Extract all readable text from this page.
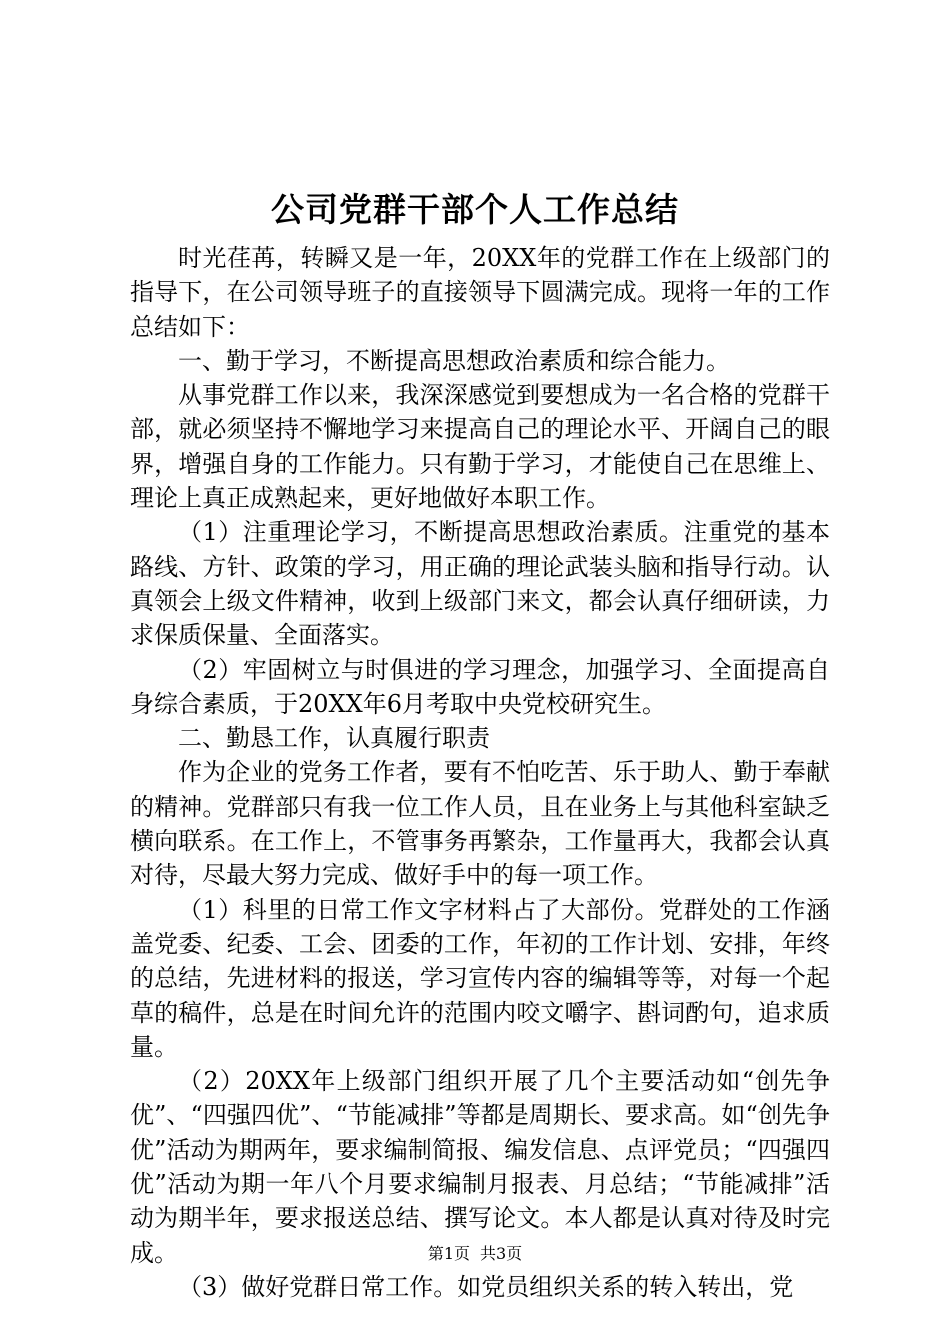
公司党群干部个人工作总结

时光荏苒，转瞬又是一年，20XX年的党群工作在上级部门的指导下，在公司领导班子的直接领导下圆满完成。现将一年的工作总结如下：

一、勤于学习，不断提高思想政治素质和综合能力。

从事党群工作以来，我深深感觉到要想成为一名合格的党群干部，就必须坚持不懈地学习来提高自己的理论水平、开阔自己的眼界，增强自身的工作能力。只有勤于学习，才能使自己在思维上、理论上真正成熟起来，更好地做好本职工作。

（1）注重理论学习，不断提高思想政治素质。注重党的基本路线、方针、政策的学习，用正确的理论武装头脑和指导行动。认真领会上级文件精神，收到上级部门来文，都会认真仔细研读，力求保质保量、全面落实。

（2）牢固树立与时俱进的学习理念，加强学习、全面提高自身综合素质，于20XX年6月考取中央党校研究生。

二、勤恳工作，认真履行职责

作为企业的党务工作者，要有不怕吃苦、乐于助人、勤于奉献的精神。党群部只有我一位工作人员，且在业务上与其他科室缺乏横向联系。在工作上，不管事务再繁杂，工作量再大，我都会认真对待，尽最大努力完成、做好手中的每一项工作。

（1）科里的日常工作文字材料占了大部份。党群处的工作涵盖党委、纪委、工会、团委的工作，年初的工作计划、安排，年终的总结，先进材料的报送，学习宣传内容的编辑等等，对每一个起草的稿件，总是在时间允许的范围内咬文嚼字、斟词酌句，追求质量。

（2）20XX年上级部门组织开展了几个主要活动如“创先争优”、“四强四优”、“节能减排”等都是周期长、要求高。如“创先争优”活动为期两年，要求编制简报、编发信息、点评党员；“四强四优”活动为期一年八个月要求编制月报表、月总结；“节能减排”活动为期半年，要求报送总结、撰写论文。本人都是认真对待及时完成。

（3）做好党群日常工作。如党员组织关系的转入转出，党

第1页 共3页
